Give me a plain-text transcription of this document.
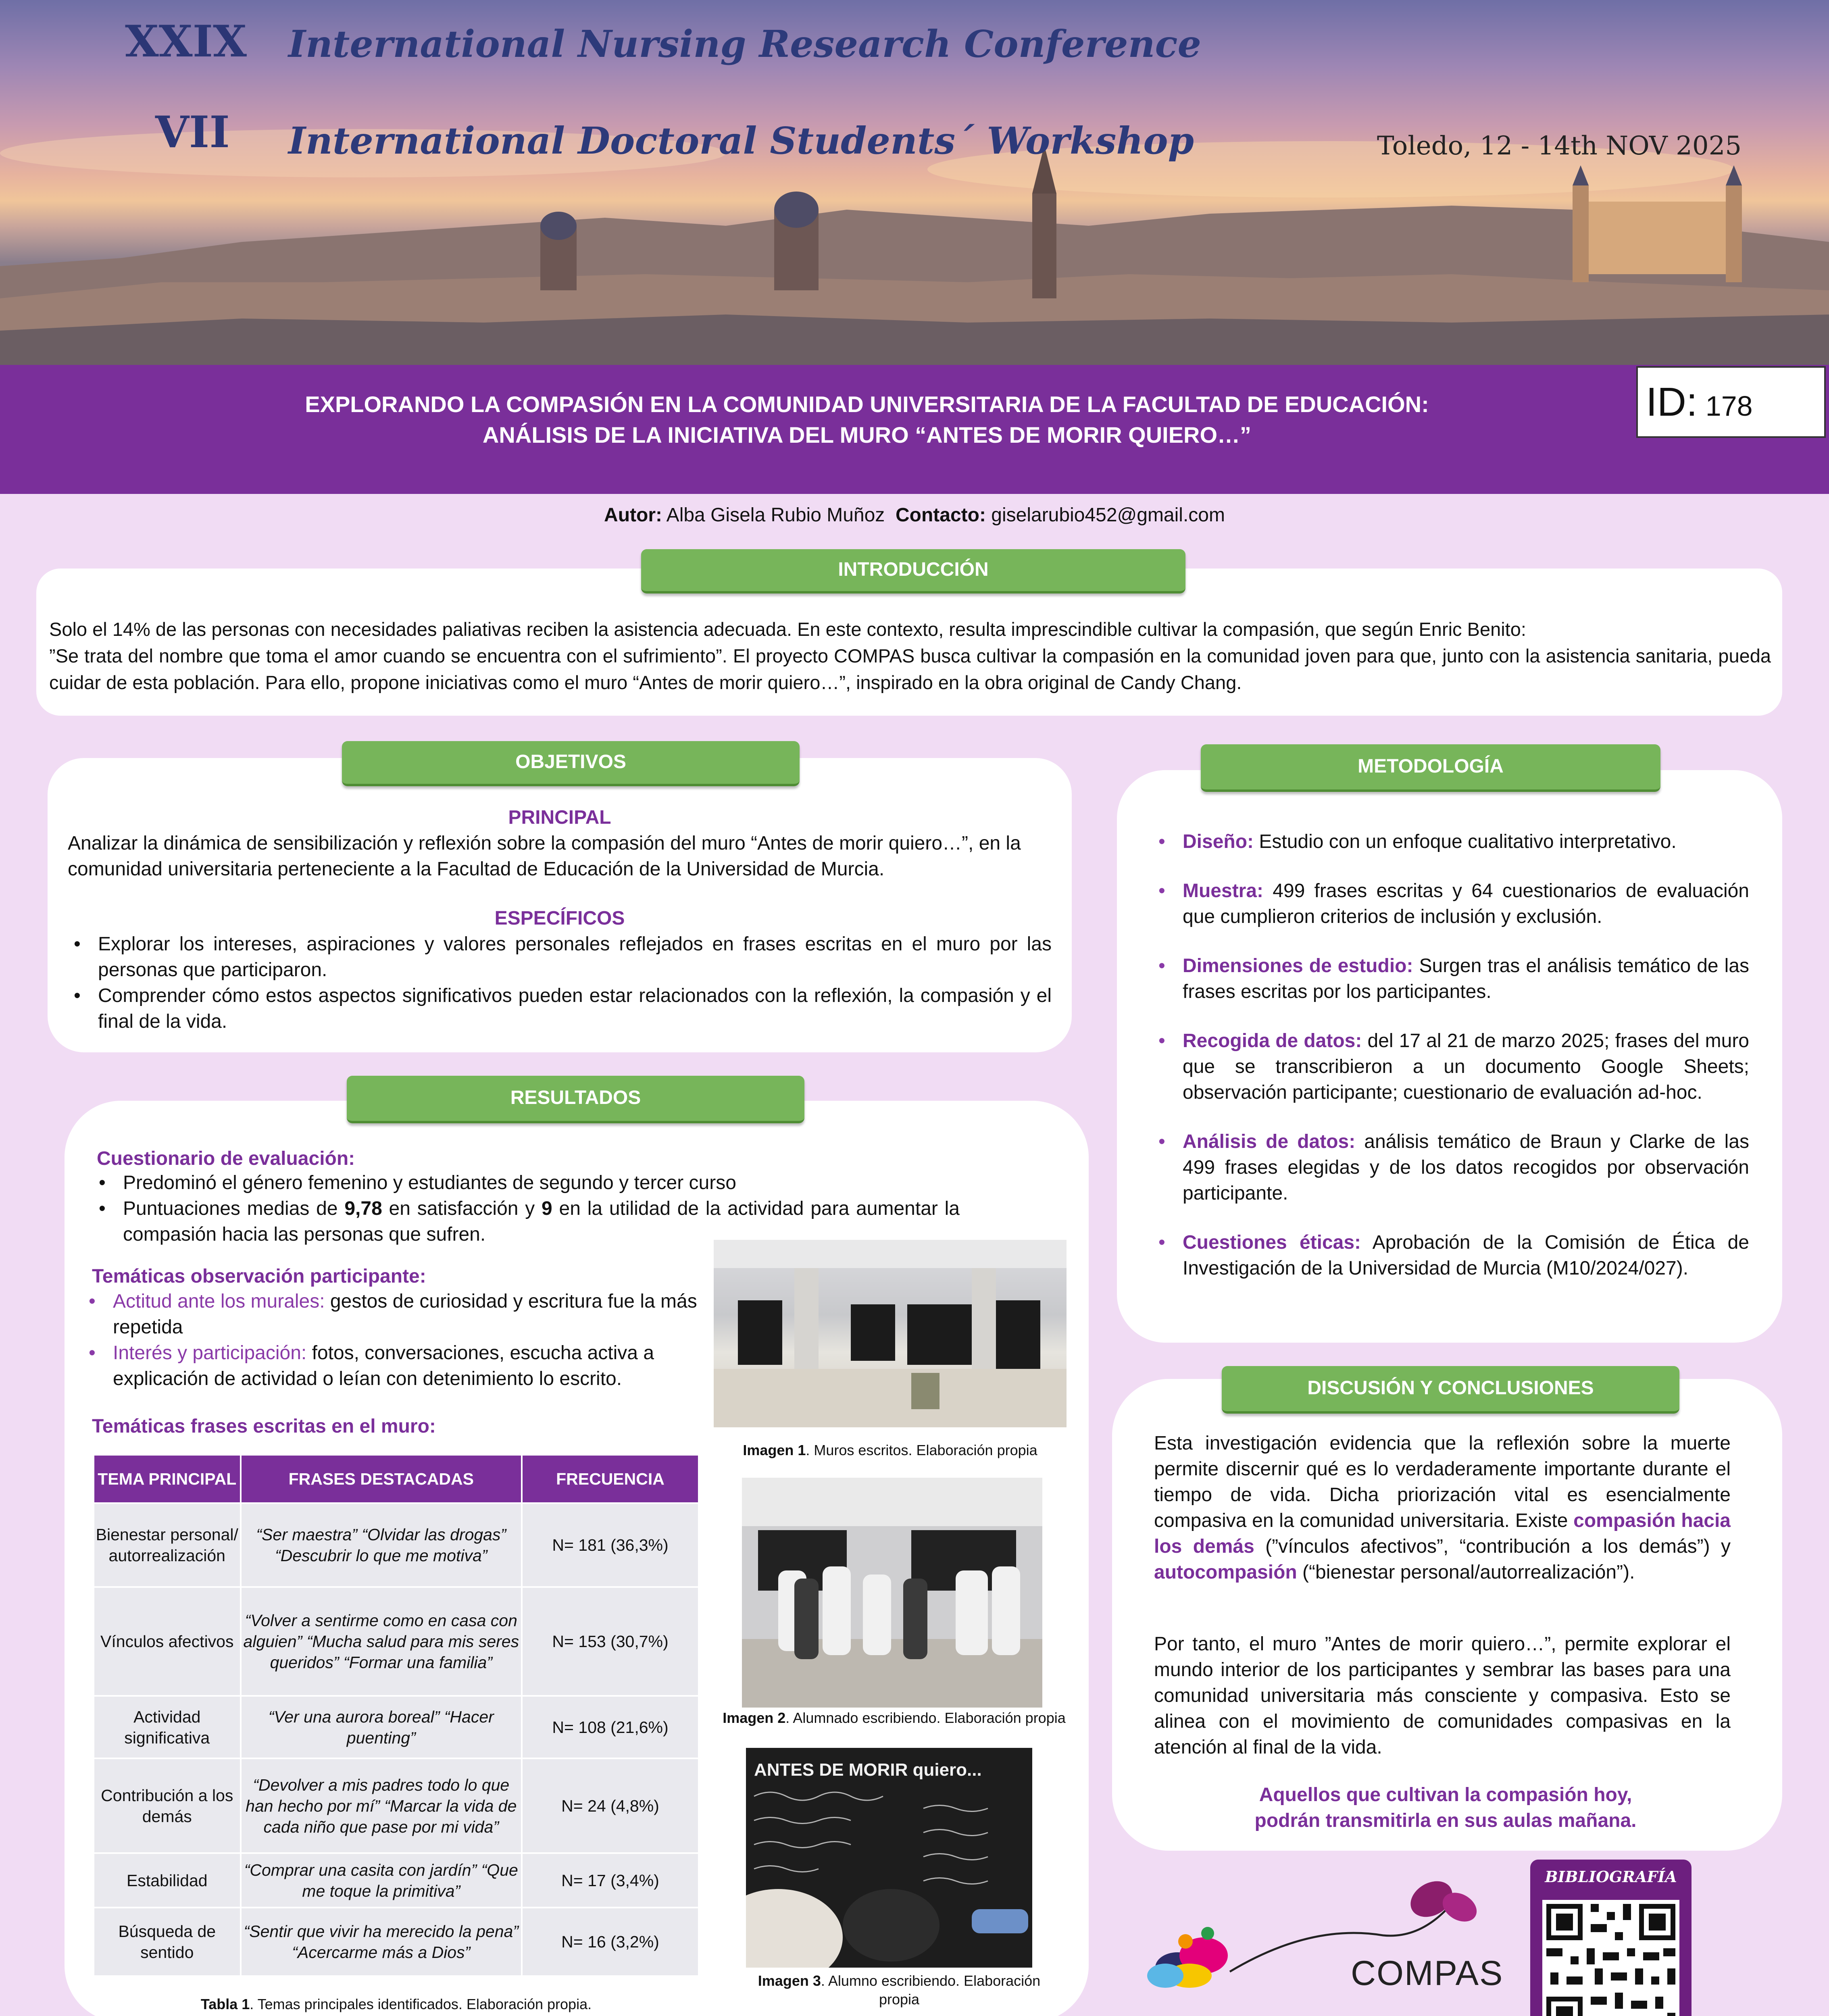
XXIX International Nursing Research Conference
VII International Doctoral Students´ Workshop	Toledo, 12 - 14th NOV 2025
EXPLORANDO LA COMPASIÓN EN LA COMUNIDAD UNIVERSITARIA DE LA FACULTAD DE EDUCACIÓN:
ANÁLISIS DE LA INICIATIVA DEL MURO “ANTES DE MORIR QUIERO…”
ID: 178
Autor: Alba Gisela Rubio Muñoz Contacto: giselarubio452@gmail.com
INTRODUCCIÓN
Solo el 14% de las personas con necesidades paliativas reciben la asistencia adecuada. En este contexto, resulta imprescindible cultivar la compasión, que según Enric Benito:
”Se trata del nombre que toma el amor cuando se encuentra con el sufrimiento”. El proyecto COMPAS busca cultivar la compasión en la comunidad joven para que, junto con la asistencia sanitaria, pueda cuidar de esta población. Para ello, propone iniciativas como el muro “Antes de morir quiero…”, inspirado en la obra original de Candy Chang.
OBJETIVOS
PRINCIPAL
Analizar la dinámica de sensibilización y reflexión sobre la compasión del muro “Antes de morir quiero…”, en la comunidad universitaria perteneciente a la Facultad de Educación de la Universidad de Murcia.
ESPECÍFICOS
• Explorar los intereses, aspiraciones y valores personales reflejados en frases escritas en el muro por las personas que participaron.
• Comprender cómo estos aspectos significativos pueden estar relacionados con la reflexión, la compasión y el final de la vida.
METODOLOGÍA
• Diseño: Estudio con un enfoque cualitativo interpretativo.
• Muestra: 499 frases escritas y 64 cuestionarios de evaluación que cumplieron criterios de inclusión y exclusión.
• Dimensiones de estudio: Surgen tras el análisis temático de las frases escritas por los participantes.
• Recogida de datos: del 17 al 21 de marzo 2025; frases del muro que se transcribieron a un documento Google Sheets; observación participante; cuestionario de evaluación ad-hoc.
• Análisis de datos: análisis temático de Braun y Clarke de las 499 frases elegidas y de los datos recogidos por observación participante.
• Cuestiones éticas: Aprobación de la Comisión de Ética de Investigación de la Universidad de Murcia (M10/2024/027).
RESULTADOS
Cuestionario de evaluación:
• Predominó el género femenino y estudiantes de segundo y tercer curso
• Puntuaciones medias de 9,78 en satisfacción y 9 en la utilidad de la actividad para aumentar la compasión hacia las personas que sufren.
Temáticas observación participante:
• Actitud ante los murales: gestos de curiosidad y escritura fue la más repetida
• Interés y participación: fotos, conversaciones, escucha activa a explicación de actividad o leían con detenimiento lo escrito.
Temáticas frases escritas en el muro:
TEMA PRINCIPAL	FRASES DESTACADAS	FRECUENCIA
Bienestar personal/ autorrealización	“Ser maestra” “Olvidar las drogas” “Descubrir lo que me motiva”	N= 181 (36,3%)
Vínculos afectivos	“Volver a sentirme como en casa con alguien” “Mucha salud para mis seres queridos” “Formar una familia”	N= 153 (30,7%)
Actividad significativa	“Ver una aurora boreal” “Hacer puenting”	N= 108 (21,6%)
Contribución a los demás	“Devolver a mis padres todo lo que han hecho por mí” “Marcar la vida de cada niño que pase por mi vida”	N= 24 (4,8%)
Estabilidad	“Comprar una casita con jardín” “Que me toque la primitiva”	N= 17 (3,4%)
Búsqueda de sentido	“Sentir que vivir ha merecido la pena” “Acercarme más a Dios”	N= 16 (3,2%)
Tabla 1. Temas principales identificados. Elaboración propia.
Imagen 1. Muros escritos. Elaboración propia
Imagen 2. Alumnado escribiendo. Elaboración propia
ANTES DE MORIR quiero...
Imagen 3. Alumno escribiendo. Elaboración propia
DISCUSIÓN Y CONCLUSIONES
Esta investigación evidencia que la reflexión sobre la muerte permite discernir qué es lo verdaderamente importante durante el tiempo de vida. Dicha priorización vital es esencialmente compasiva en la comunidad universitaria. Existe compasión hacia los demás (”vínculos afectivos”, “contribución a los demás”) y autocompasión (“bienestar personal/autorrealización”).
Por tanto, el muro ”Antes de morir quiero…”, permite explorar el mundo interior de los participantes y sembrar las bases para una comunidad universitaria más consciente y compasiva. Esto se alinea con el movimiento de comunidades compasivas en la atención al final de la vida.
Aquellos que cultivan la compasión hoy,
podrán transmitirla en sus aulas mañana.
COMPAS
BIBLIOGRAFÍA
